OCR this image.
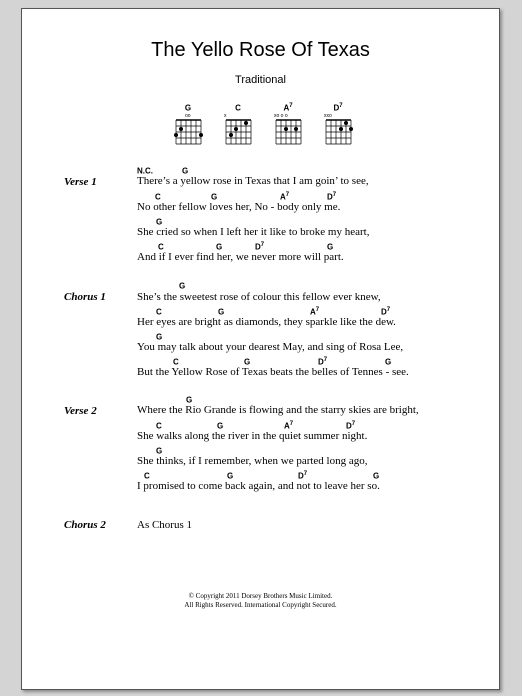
The Yello Rose Of Texas
Traditional
G
oo
C
x
$A^7$
xo o o
$D^7$
xxo
Verse 1
N.C.	G
There’s a yellow rose in Texas that I am goin’ to see,
C	G	$A^7$	$D^7$
No other fellow loves her, No - body only me.
G
She cried so when I left her it like to broke my heart,
C	G	$D^7$	G
And if I ever find her, we never more will part.
Chorus 1
G
She’s the sweetest rose of colour this fellow ever knew,
C	G	$A^7$	$D^7$
Her eyes are bright as diamonds, they sparkle like the dew.
G
You may talk about your dearest May, and sing of Rosa Lee,
C	G	$D^7$	G
But the Yellow Rose of Texas beats the belles of Tennes - see.
Verse 2
G
Where the Rio Grande is flowing and the starry skies are bright,
C	G	$A^7$	$D^7$
She walks along the river in the quiet summer night.
G
She thinks, if I remember, when we parted long ago,
C	G	$D^7$	G
I promised to come back again, and not to leave her so.
Chorus 2	As Chorus 1
© Copyright 2011 Dorsey Brothers Music Limited.
All Rights Reserved. International Copyright Secured.
